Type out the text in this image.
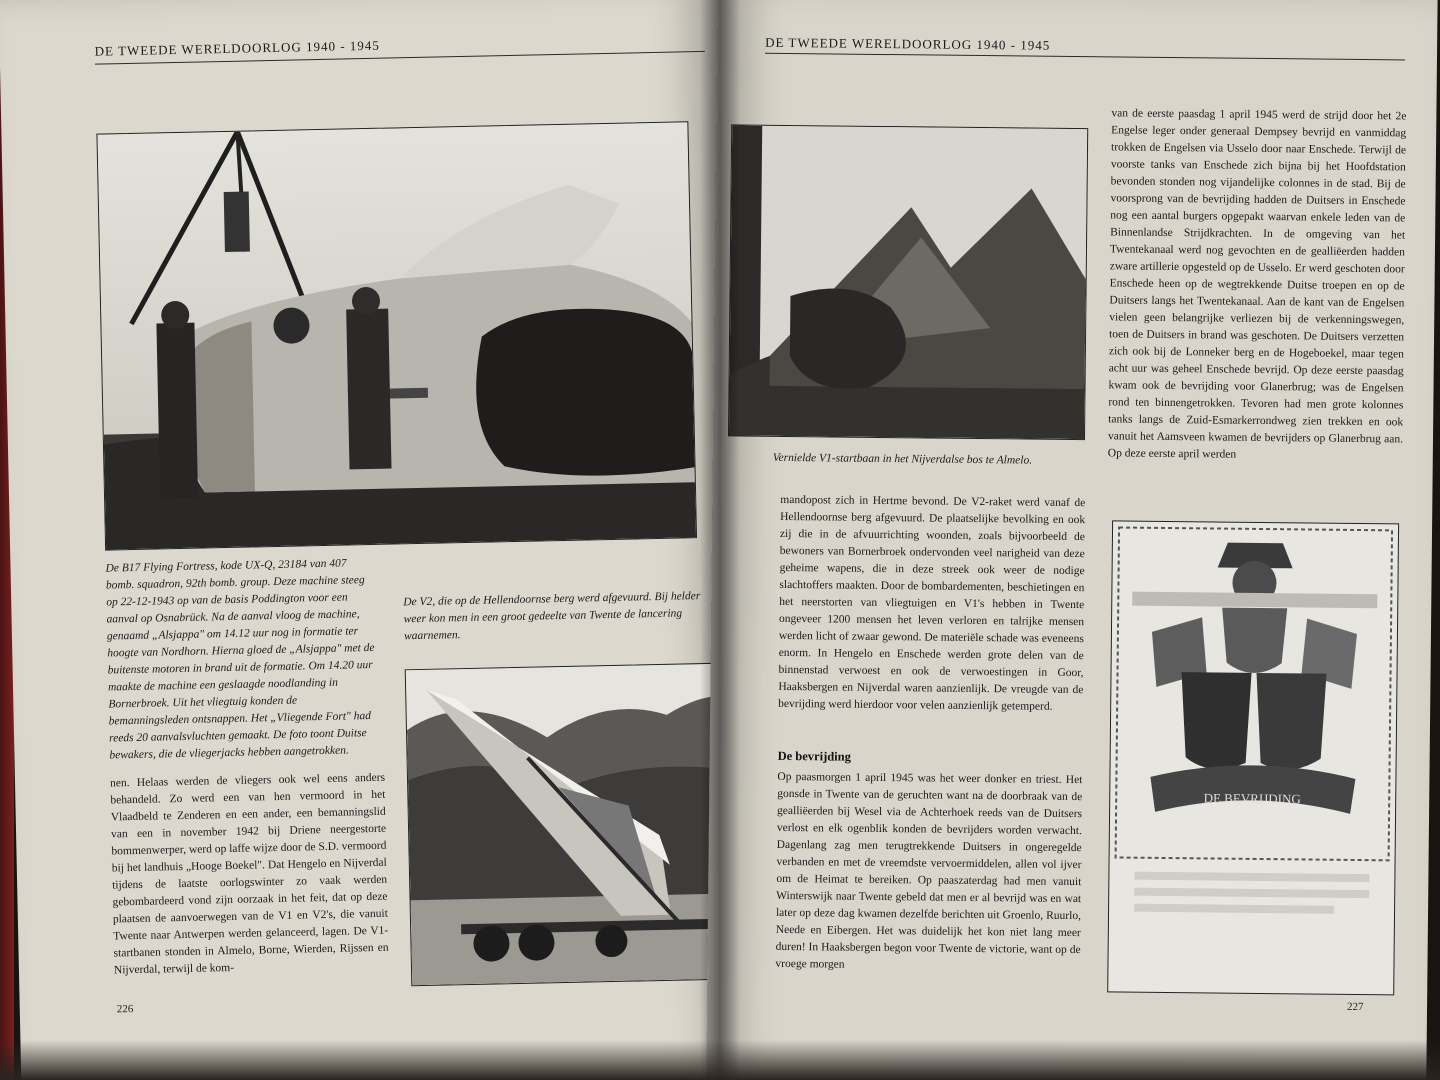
DE TWEEDE WERELDOORLOG 1940 - 1945

De B17 Flying Fortress, kode UX-Q, 23184 van 407 bomb. squadron, 92th bomb. group. Deze machine steeg op 22-12-1943 op van de basis Poddington voor een aanval op Osnabrück. Na de aanval vloog de machine, genaamd „Alsjappa" om 14.12 uur nog in formatie ter hoogte van Nordhorn. Hierna gloed de „Alsjappa" met de buitenste motoren in brand uit de formatie. Om 14.20 uur maakte de machine een geslaagde noodlanding in Bornerbroek. Uit het vliegtuig konden de bemanningsleden ontsnappen. Het „Vliegende Fort" had reeds 20 aanvalsvluchten gemaakt. De foto toont Duitse bewakers, die de vliegerjacks hebben aangetrokken.

De V2, die op de Hellendoornse berg werd afgevuurd. Bij helder weer kon men in een groot gedeelte van Twente de lancering waarnemen.

nen. Helaas werden de vliegers ook wel eens anders behandeld. Zo werd een van hen vermoord in het Vlaadbeld te Zenderen en een ander, een bemanningslid van een in november 1942 bij Driene neergestorte bommenwerper, werd op laffe wijze door de S.D. vermoord bij het landhuis „Hooge Boekel". Dat Hengelo en Nijverdal tijdens de laatste oorlogswinter zo vaak werden gebombardeerd vond zijn oorzaak in het feit, dat op deze plaatsen de aanvoerwegen van de V1 en V2's, die vanuit Twente naar Antwerpen werden gelanceerd, lagen. De V1-startbanen stonden in Almelo, Borne, Wierden, Rijssen en Nijverdal, terwijl de kom-

226
DE TWEEDE WERELDOORLOG 1940 - 1945

Vernielde V1-startbaan in het Nijverdalse bos te Almelo.

van de eerste paasdag 1 april 1945 werd de strijd door het 2e Engelse leger onder generaal Dempsey bevrijd en vanmiddag trokken de Engelsen via Usselo door naar Enschede. Terwijl de voorste tanks van Enschede zich bijna bij het Hoofdstation bevonden stonden nog vijandelijke colonnes in de stad. Bij de voorsprong van de bevrijding hadden de Duitsers in Enschede nog een aantal burgers opgepakt waarvan enkele leden van de Binnenlandse Strijdkrachten. In de omgeving van het Twentekanaal werd nog gevochten en de gealliëerden hadden zware artillerie opgesteld op de Usselo. Er werd geschoten door Enschede heen op de wegtrekkende Duitse troepen en op de Duitsers langs het Twentekanaal. Aan de kant van de Engelsen vielen geen belangrijke verliezen bij de verkenningswegen, toen de Duitsers in brand was geschoten. De Duitsers verzetten zich ook bij de Lonneker berg en de Hogeboekel, maar tegen acht uur was geheel Enschede bevrijd. Op deze eerste paasdag kwam ook de bevrijding voor Glanerbrug; was de Engelsen rond ten binnengetrokken. Tevoren had men grote kolonnes tanks langs de Zuid-Esmarkerrondweg zien trekken en ook vanuit het Aamsveen kwamen de bevrijders op Glanerbrug aan. Op deze eerste april werden

mandopost zich in Hertme bevond. De V2-raket werd vanaf de Hellendoornse berg afgevuurd. De plaatselijke bevolking en ook zij die in de afvuurrichting woonden, zoals bijvoorbeeld de bewoners van Bornerbroek ondervonden veel narigheid van deze geheime wapens, die in deze streek ook weer de nodige slachtoffers maakten. Door de bombardementen, beschietingen en het neerstorten van vliegtuigen en V1's hebben in Twente ongeveer 1200 mensen het leven verloren en talrijke mensen werden licht of zwaar gewond. De materiële schade was eveneens enorm. In Hengelo en Enschede werden grote delen van de binnenstad verwoest en ook de verwoestingen in Goor, Haaksbergen en Nijverdal waren aanzienlijk. De vreugde van de bevrijding werd hierdoor voor velen aanzienlijk getemperd.

De bevrijding

Op paasmorgen 1 april 1945 was het weer donker en triest. Het gonsde in Twente van de geruchten want na de doorbraak van de gealliëerden bij Wesel via de Achterhoek reeds van de Duitsers verlost en elk ogenblik konden de bevrijders worden verwacht. Dagenlang zag men terugtrekkende Duitsers in ongeregelde verbanden en met de vreemdste vervoermiddelen, allen vol ijver om de Heimat te bereiken. Op paaszaterdag had men vanuit Winterswijk naar Twente gebeld dat men er al bevrijd was en wat later op deze dag kwamen dezelfde berichten uit Groenlo, Ruurlo, Neede en Eibergen. Het was duidelijk het kon niet lang meer duren! In Haaksbergen begon voor Twente de victorie, want op de vroege morgen

DE BEVRIJDING
227
